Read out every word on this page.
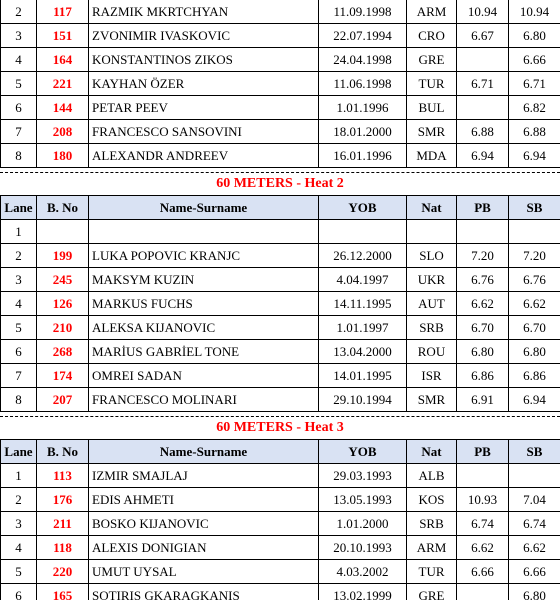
2	117	RAZMIK MKRTCHYAN	11.09.1998	ARM	10.94	10.94
3	151	ZVONIMIR IVASKOVIC	22.07.1994	CRO	6.67	6.80
4	164	KONSTANTINOS ZIKOS	24.04.1998	GRE		6.66
5	221	KAYHAN ÖZER	11.06.1998	TUR	6.71	6.71
6	144	PETAR PEEV	1.01.1996	BUL		6.82
7	208	FRANCESCO SANSOVINI	18.01.2000	SMR	6.88	6.88
8	180	ALEXANDR ANDREEV	16.01.1996	MDA	6.94	6.94
60 METERS - Heat 2
Lane	B. No	Name-Surname	YOB	Nat	PB	SB
1						
2	199	LUKA POPOVIC KRANJC	26.12.2000	SLO	7.20	7.20
3	245	MAKSYM KUZIN	4.04.1997	UKR	6.76	6.76
4	126	MARKUS FUCHS	14.11.1995	AUT	6.62	6.62
5	210	ALEKSA KIJANOVIC	1.01.1997	SRB	6.70	6.70
6	268	MARİUS GABRİEL TONE	13.04.2000	ROU	6.80	6.80
7	174	OMREI SADAN	14.01.1995	ISR	6.86	6.86
8	207	FRANCESCO MOLINARI	29.10.1994	SMR	6.91	6.94
60 METERS - Heat 3
Lane	B. No	Name-Surname	YOB	Nat	PB	SB
1	113	IZMIR SMAJLAJ	29.03.1993	ALB		
2	176	EDIS AHMETI	13.05.1993	KOS	10.93	7.04
3	211	BOSKO KIJANOVIC	1.01.2000	SRB	6.74	6.74
4	118	ALEXIS DONIGIAN	20.10.1993	ARM	6.62	6.62
5	220	UMUT UYSAL	4.03.2002	TUR	6.66	6.66
6	165	SOTIRIS GKARAGKANIS	13.02.1999	GRE		6.80
